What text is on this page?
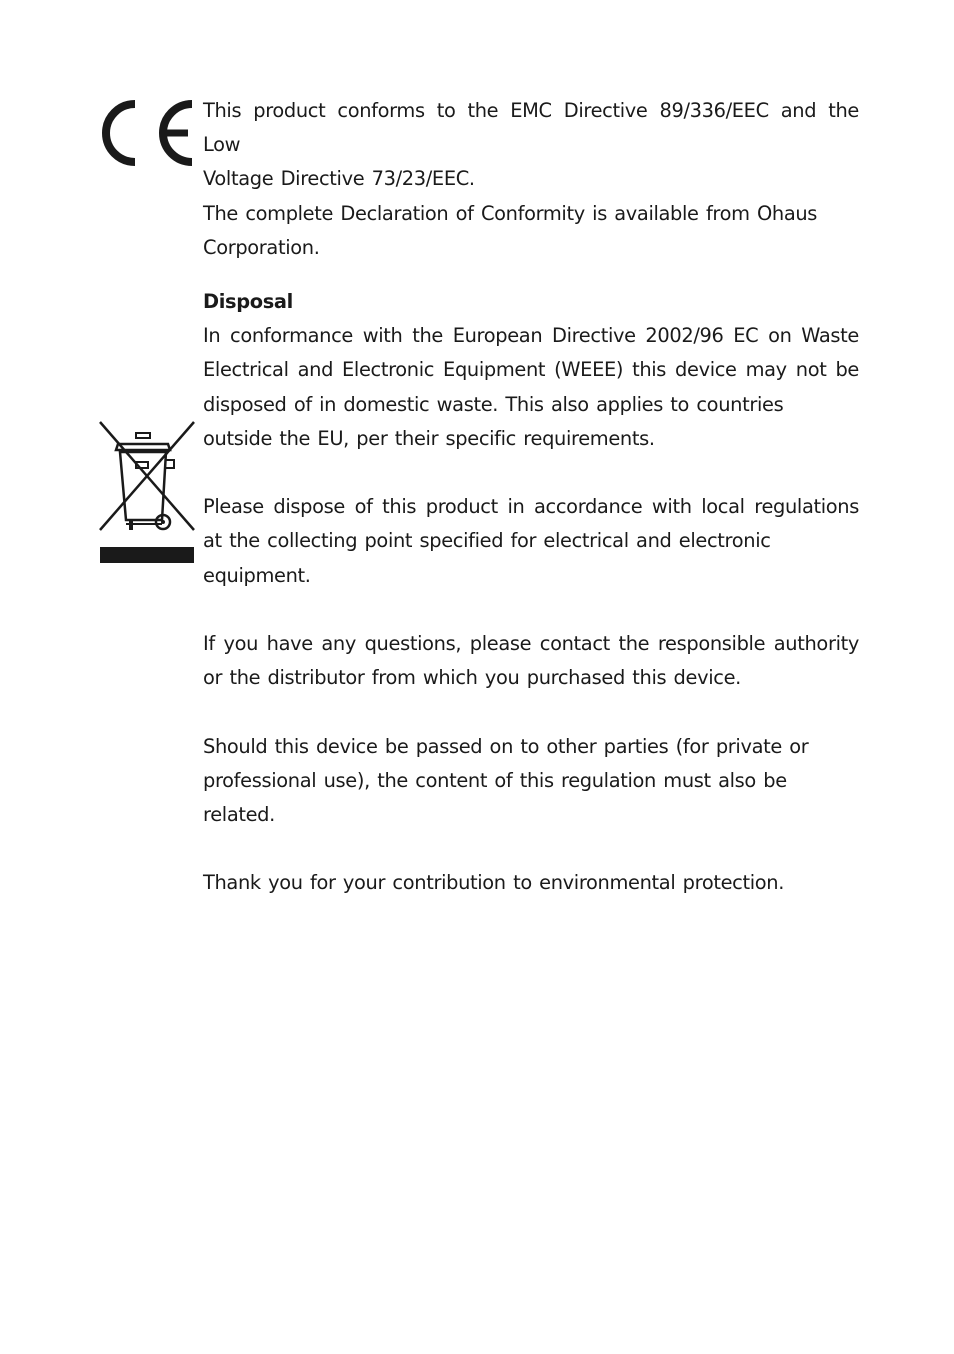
This product conforms to the EMC Directive 89/336/EEC and the Low

Voltage Directive 73/23/EEC.

The complete Declaration of Conformity is available from Ohaus

Corporation.

Disposal

In conformance with the European Directive 2002/96 EC on Waste

Electrical and Electronic Equipment (WEEE) this device may not be

disposed of in domestic waste. This also applies to countries

outside the EU, per their specific requirements.

Please dispose of this product in accordance with local regulations

at the collecting point specified for electrical and electronic

equipment.

If you have any questions, please contact the responsible authority

or the distributor from which you purchased this device.

Should this device be passed on to other parties (for private or

professional use), the content of this regulation must also be

related.

Thank you for your contribution to environmental protection.
